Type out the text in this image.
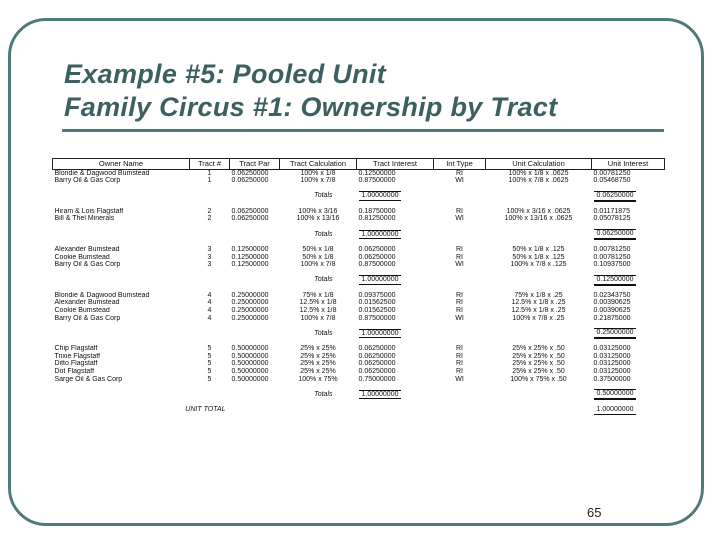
Example #5: Pooled Unit
Family Circus #1: Ownership by Tract
Owner Name	Tract #	Tract Par	Tract Calculation	Tract Interest	Int Type	Unit Calculation	Unit Interest
Blondie & Dagwood Bumstead	1	0.06250000	100% x 1/8	0.12500000	RI	100% x 1/8 x .0625	0.00781250
Barry Oil & Gas Corp	1	0.06250000	100% x 7/8	0.87500000	WI	100% x 7/8 x .0625	0.05468750

Totals				1.00000000			0.06250000

Hiram & Lois Flagstaff	2	0.06250000	100% x 3/16	0.18750000	RI	100% x 3/16 x .0625	0.01171875
Bill & Thel Minerals	2	0.06250000	100% x 13/16	0.81250000	WI	100% x 13/16 x .0625	0.05078125

Totals				1.00000000			0.06250000

Alexander Bumstead	3	0.12500000	50% x 1/8	0.06250000	RI	50% x 1/8 x .125	0.00781250
Cookie Bumstead	3	0.12500000	50% x 1/8	0.06250000	RI	50% x 1/8 x .125	0.00781250
Barry Oil & Gas Corp	3	0.12500000	100% x 7/8	0.87500000	WI	100% x 7/8 x .125	0.10937500

Totals				1.00000000			0.12500000

Blondie & Dagwood Bumstead	4	0.25000000	75% x 1/8	0.09375000	RI	75% x 1/8 x .25	0.02343750
Alexander Bumstead	4	0.25000000	12.5% x 1/8	0.01562500	RI	12.5% x 1/8 x .25	0.00390625
Cookie Bumstead	4	0.25000000	12.5% x 1/8	0.01562500	RI	12.5% x 1/8 x .25	0.00390625
Barry Oil & Gas Corp	4	0.25000000	100% x 7/8	0.87500000	WI	100% x 7/8 x .25	0.21875000

Totals				1.00000000			0.25000000

Chip Flagstaff	5	0.50000000	25% x 25%	0.06250000	RI	25% x 25% x .50	0.03125000
Trixie Flagstaff	5	0.50000000	25% x 25%	0.06250000	RI	25% x 25% x .50	0.03125000
Ditto Flagstaff	5	0.50000000	25% x 25%	0.06250000	RI	25% x 25% x .50	0.03125000
Dot Flagstaff	5	0.50000000	25% x 25%	0.06250000	RI	25% x 25% x .50	0.03125000
Sarge Oil & Gas Corp	5	0.50000000	100% x 75%	0.75000000	WI	100% x 75% x .50	0.37500000

Totals				1.00000000			0.50000000

UNIT TOTAL							1.00000000
65
